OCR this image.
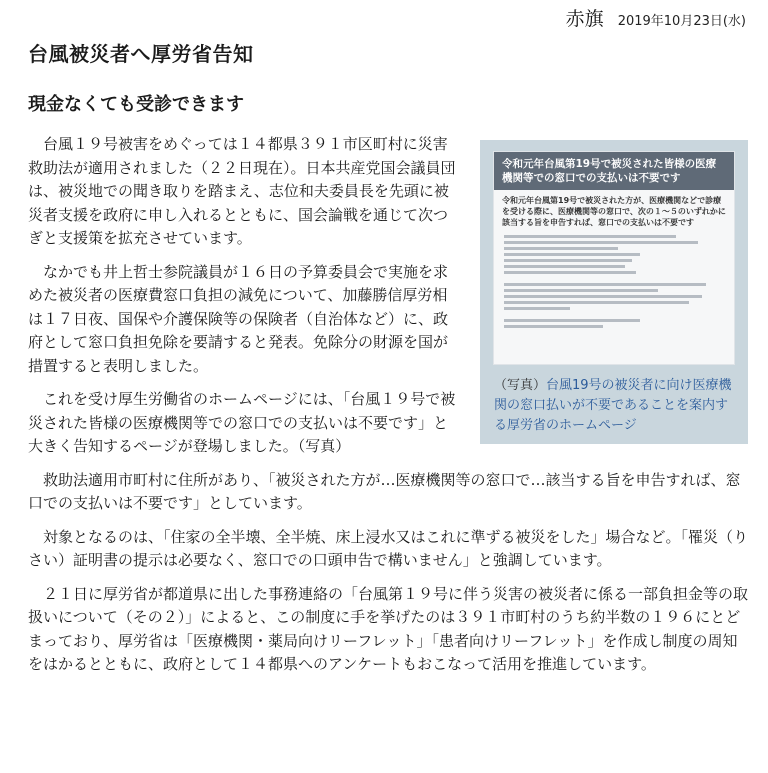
赤旗 2019年10月23日(水)
台風被災者へ厚労省告知
現金なくても受診できます
令和元年台風第19号で被災された皆様の医療機関等での窓口での支払いは不要です
令和元年台風第19号で被災された方が、医療機関などで診療を受ける際に、医療機関等の窓口で、次の１～５のいずれかに該当する旨を申告すれば、窓口での支払いは不要です
（写真）台風19号の被災者に向け医療機関の窓口払いが不要であることを案内する厚労省のホームページ

台風１９号被害をめぐっては１４都県３９１市区町村に災害救助法が適用されました（２２日現在）。日本共産党国会議員団は、被災地での聞き取りを踏まえ、志位和夫委員長を先頭に被災者支援を政府に申し入れるとともに、国会論戦を通じて次つぎと支援策を拡充させています。

なかでも井上哲士参院議員が１６日の予算委員会で実施を求めた被災者の医療費窓口負担の減免について、加藤勝信厚労相は１７日夜、国保や介護保険等の保険者（自治体など）に、政府として窓口負担免除を要請すると発表。免除分の財源を国が措置すると表明しました。

これを受け厚生労働省のホームページには、「台風１９号で被災された皆様の医療機関等での窓口での支払いは不要です」と大きく告知するページが登場しました。（写真）

救助法適用市町村に住所があり、「被災された方が…医療機関等の窓口で…該当する旨を申告すれば、窓口での支払いは不要です」としています。

対象となるのは、「住家の全半壊、全半焼、床上浸水又はこれに準ずる被災をした」場合など。「罹災（りさい）証明書の提示は必要なく、窓口での口頭申告で構いません」と強調しています。

２１日に厚労省が都道県に出した事務連絡の「台風第１９号に伴う災害の被災者に係る一部負担金等の取扱いについて（その２）」によると、この制度に手を挙げたのは３９１市町村のうち約半数の１９６にとどまっており、厚労省は「医療機関・薬局向けリーフレット」「患者向けリーフレット」を作成し制度の周知をはかるとともに、政府として１４都県へのアンケートもおこなって活用を推進しています。
